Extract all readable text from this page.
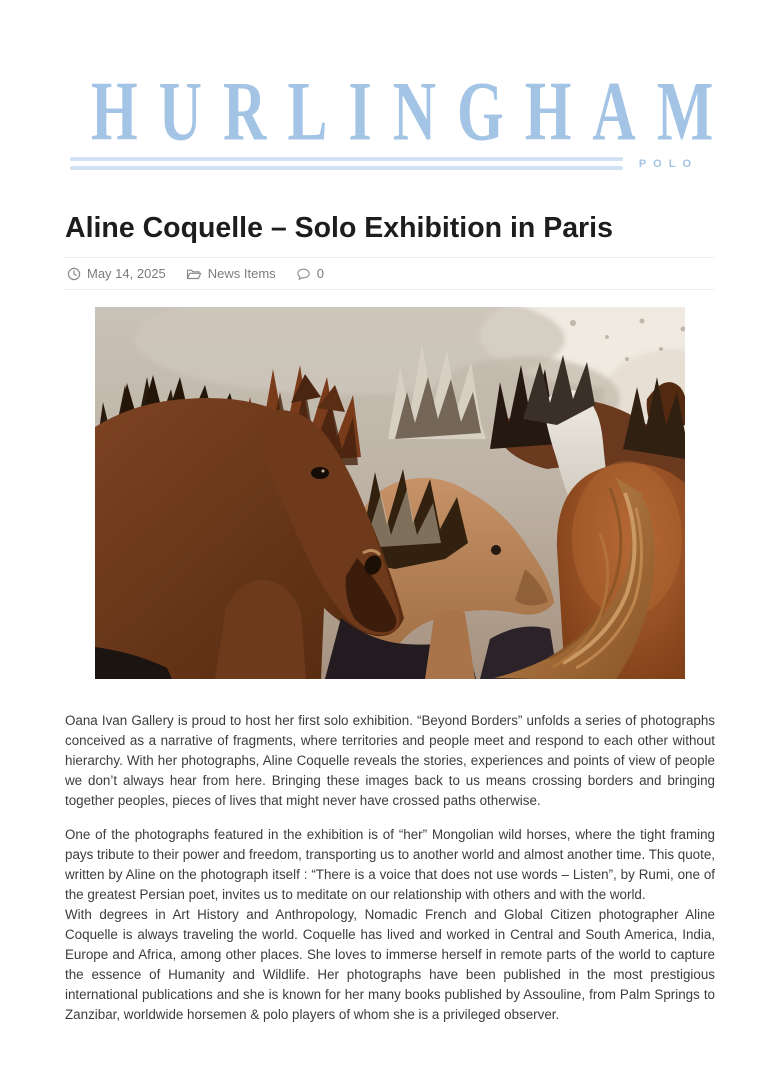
HURLINGHAM
POLO
Aline Coquelle – Solo Exhibition in Paris
May 14, 2025	News Items	0

Oana Ivan Gallery is proud to host her first solo exhibition. “Beyond Borders” unfolds a series of photographs conceived as a narrative of fragments, where territories and people meet and respond to each other without hierarchy. With her photographs, Aline Coquelle reveals the stories, experiences and points of view of people we don’t always hear from here. Bringing these images back to us means crossing borders and bringing together peoples, pieces of lives that might never have crossed paths otherwise.

One of the photographs featured in the exhibition is of “her” Mongolian wild horses, where the tight framing pays tribute to their power and freedom, transporting us to another world and almost another time. This quote, written by Aline on the photograph itself : “There is a voice that does not use words – Listen”, by Rumi, one of the greatest Persian poet, invites us to meditate on our relationship with others and with the world.
With degrees in Art History and Anthropology, Nomadic French and Global Citizen photographer Aline Coquelle is always traveling the world. Coquelle has lived and worked in Central and South America, India, Europe and Africa, among other places. She loves to immerse herself in remote parts of the world to capture the essence of Humanity and Wildlife. Her photographs have been published in the most prestigious international publications and she is known for her many books published by Assouline, from Palm Springs to Zanzibar, worldwide horsemen & polo players of whom she is a privileged observer.
